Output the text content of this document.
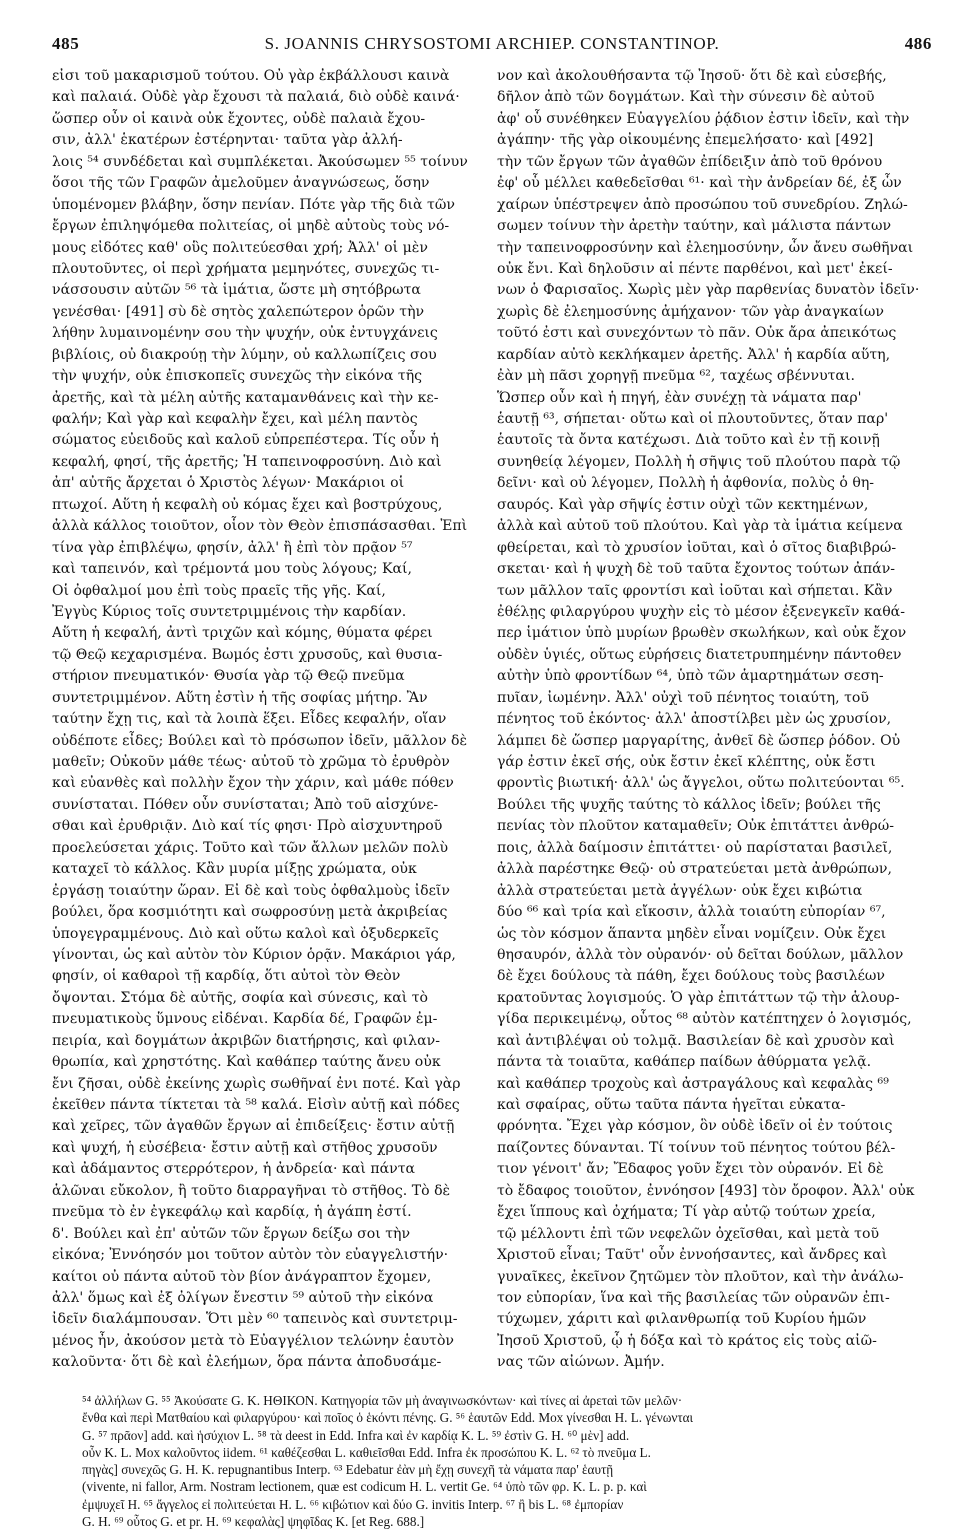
485	S. JOANNIS CHRYSOSTOMI ARCHIEP. CONSTANTINOP.	486
εἰσι τοῦ μακαρισμοῦ τούτου. Οὐ γὰρ ἐκβάλλουσι καινὰ
καὶ παλαιά. Οὐδὲ γὰρ ἔχουσι τὰ παλαιά, διὸ οὐδὲ καινά·
ὥσπερ οὖν οἱ καινὰ οὐκ ἔχοντες, οὐδὲ παλαιὰ ἔχου-
σιν, ἀλλ' ἑκατέρων ἐστέρηνται· ταῦτα γὰρ ἀλλή-
λοις ⁵⁴ συνδέδεται καὶ συμπλέκεται. Ἀκούσωμεν ⁵⁵ τοίνυν
ὅσοι τῆς τῶν Γραφῶν ἀμελοῦμεν ἀναγνώσεως, ὅσην
ὑπομένομεν βλάβην, ὅσην πενίαν. Πότε γὰρ τῆς διὰ τῶν
ἔργων ἐπιληψόμεθα πολιτείας, οἱ μηδὲ αὐτοὺς τοὺς νό-
μους εἰδότες καθ' οὓς πολιτεύεσθαι χρή; Ἀλλ' οἱ μὲν
πλουτοῦντες, οἱ περὶ χρήματα μεμηνότες, συνεχῶς τι-
νάσσουσιν αὐτῶν ⁵⁶ τὰ ἱμάτια, ὥστε μὴ σητόβρωτα
γενέσθαι· [491] σὺ δὲ σητὸς χαλεπώτερον ὁρῶν τὴν
λήθην λυμαινομένην σου τὴν ψυχήν, οὐκ ἐντυγχάνεις
βιβλίοις, οὐ διακρούῃ τὴν λύμην, οὐ καλλωπίζεις σου
τὴν ψυχήν, οὐκ ἐπισκοπεῖς συνεχῶς τὴν εἰκόνα τῆς
ἀρετῆς, καὶ τὰ μέλη αὐτῆς καταμανθάνεις καὶ τὴν κε-
φαλήν; Καὶ γὰρ καὶ κεφαλὴν ἔχει, καὶ μέλη παντὸς
σώματος εὐειδοῦς καὶ καλοῦ εὐπρεπέστερα. Τίς οὖν ἡ
κεφαλή, φησί, τῆς ἀρετῆς; Ἡ ταπεινοφροσύνη. Διὸ καὶ
ἀπ' αὐτῆς ἄρχεται ὁ Χριστὸς λέγων· Μακάριοι οἱ
πτωχοί. Αὕτη ἡ κεφαλὴ οὐ κόμας ἔχει καὶ βοστρύχους,
ἀλλὰ κάλλος τοιοῦτον, οἷον τὸν Θεὸν ἐπισπάσασθαι. Ἐπὶ
τίνα γὰρ ἐπιβλέψω, φησίν, ἀλλ' ἢ ἐπὶ τὸν πρᾷον ⁵⁷
καὶ ταπεινόν, καὶ τρέμοντά μου τοὺς λόγους; Καί,
Οἱ ὀφθαλμοί μου ἐπὶ τοὺς πραεῖς τῆς γῆς. Καί,
Ἐγγὺς Κύριος τοῖς συντετριμμένοις τὴν καρδίαν.
Αὕτη ἡ κεφαλή, ἀντὶ τριχῶν καὶ κόμης, θύματα φέρει
τῷ Θεῷ κεχαρισμένα. Βωμός ἐστι χρυσοῦς, καὶ θυσια-
στήριον πνευματικόν· Θυσία γὰρ τῷ Θεῷ πνεῦμα
συντετριμμένον. Αὕτη ἐστὶν ἡ τῆς σοφίας μήτηρ. Ἂν
ταύτην ἔχῃ τις, καὶ τὰ λοιπὰ ἕξει. Εἶδες κεφαλήν, οἵαν
οὐδέποτε εἶδες; Βούλει καὶ τὸ πρόσωπον ἰδεῖν, μᾶλλον δὲ
μαθεῖν; Οὐκοῦν μάθε τέως· αὐτοῦ τὸ χρῶμα τὸ ἐρυθρὸν
καὶ εὐανθὲς καὶ πολλὴν ἔχον τὴν χάριν, καὶ μάθε πόθεν
συνίσταται. Πόθεν οὖν συνίσταται; Ἀπὸ τοῦ αἰσχύνε-
σθαι καὶ ἐρυθριᾷν. Διὸ καί τίς φησι· Πρὸ αἰσχυντηροῦ
προελεύσεται χάρις. Τοῦτο καὶ τῶν ἄλλων μελῶν πολὺ
καταχεῖ τὸ κάλλος. Κἂν μυρία μίξῃς χρώματα, οὐκ
ἐργάσῃ τοιαύτην ὥραν. Εἰ δὲ καὶ τοὺς ὀφθαλμοὺς ἰδεῖν
βούλει, ὅρα κοσμιότητι καὶ σωφροσύνῃ μετὰ ἀκριβείας
ὑπογεγραμμένους. Διὸ καὶ οὕτω καλοὶ καὶ ὀξυδερκεῖς
γίνονται, ὡς καὶ αὐτὸν τὸν Κύριον ὁρᾷν. Μακάριοι γάρ,
φησίν, οἱ καθαροὶ τῇ καρδίᾳ, ὅτι αὐτοὶ τὸν Θεὸν
ὄψονται. Στόμα δὲ αὐτῆς, σοφία καὶ σύνεσις, καὶ τὸ
πνευματικοὺς ὕμνους εἰδέναι. Καρδία δέ, Γραφῶν ἐμ-
πειρία, καὶ δογμάτων ἀκριβῶν διατήρησις, καὶ φιλαν-
θρωπία, καὶ χρηστότης. Καὶ καθάπερ ταύτης ἄνευ οὐκ
ἔνι ζῆσαι, οὐδὲ ἐκείνης χωρὶς σωθῆναί ἐνι ποτέ. Καὶ γὰρ
ἐκεῖθεν πάντα τίκτεται τὰ ⁵⁸ καλά. Εἰσὶν αὐτῇ καὶ πόδες
καὶ χεῖρες, τῶν ἀγαθῶν ἔργων αἱ ἐπιδείξεις· ἔστιν αὐτῇ
καὶ ψυχή, ἡ εὐσέβεια· ἔστιν αὐτῇ καὶ στῆθος χρυσοῦν
καὶ ἀδάμαντος στερρότερον, ἡ ἀνδρεία· καὶ πάντα
ἁλῶναι εὔκολον, ἢ τοῦτο διαρραγῆναι τὸ στῆθος. Τὸ δὲ
πνεῦμα τὸ ἐν ἐγκεφάλῳ καὶ καρδίᾳ, ἡ ἀγάπη ἐστί.
δ'. Βούλει καὶ ἐπ' αὐτῶν τῶν ἔργων δείξω σοι τὴν
εἰκόνα; Ἐννόησόν μοι τοῦτον αὐτὸν τὸν εὐαγγελιστήν·
καίτοι οὐ πάντα αὐτοῦ τὸν βίον ἀνάγραπτον ἔχομεν,
ἀλλ' ὅμως καὶ ἐξ ὀλίγων ἔνεστιν ⁵⁹ αὐτοῦ τὴν εἰκόνα
ἰδεῖν διαλάμπουσαν. Ὅτι μὲν ⁶⁰ ταπεινὸς καὶ συντετριμ-
μένος ἦν, ἀκούσον μετὰ τὸ Εὐαγγέλιον τελώνην ἑαυτὸν
καλοῦντα· ὅτι δὲ καὶ ἐλεήμων, ὅρα πάντα ἀποδυσάμε-
νον καὶ ἀκολουθήσαντα τῷ Ἰησοῦ· ὅτι δὲ καὶ εὐσεβής,
δῆλον ἀπὸ τῶν δογμάτων. Καὶ τὴν σύνεσιν δὲ αὐτοῦ
ἀφ' οὗ συνέθηκεν Εὐαγγελίου ῥᾴδιον ἐστιν ἰδεῖν, καὶ τὴν
ἀγάπην· τῆς γὰρ οἰκουμένης ἐπεμελήσατο· καὶ [492]
τὴν τῶν ἔργων τῶν ἀγαθῶν ἐπίδειξιν ἀπὸ τοῦ θρόνου
ἐφ' οὗ μέλλει καθεδεῖσθαι ⁶¹· καὶ τὴν ἀνδρείαν δέ, ἐξ ὧν
χαίρων ὑπέστρεψεν ἀπὸ προσώπου τοῦ συνεδρίου. Ζηλώ-
σωμεν τοίνυν τὴν ἀρετὴν ταύτην, καὶ μάλιστα πάντων
τὴν ταπεινοφροσύνην καὶ ἐλεημοσύνην, ὧν ἄνευ σωθῆναι
οὐκ ἔνι. Καὶ δηλοῦσιν αἱ πέντε παρθένοι, καὶ μετ' ἐκεί-
νων ὁ Φαρισαῖος. Χωρὶς μὲν γὰρ παρθενίας δυνατὸν ἰδεῖν·
χωρὶς δὲ ἐλεημοσύνης ἀμήχανον· τῶν γὰρ ἀναγκαίων
τοῦτό ἐστι καὶ συνεχόντων τὸ πᾶν. Οὐκ ἄρα ἀπεικότως
καρδίαν αὐτὸ κεκλήκαμεν ἀρετῆς. Ἀλλ' ἡ καρδία αὕτη,
ἐὰν μὴ πᾶσι χορηγῇ πνεῦμα ⁶², ταχέως σβέννυται.
Ὥσπερ οὖν καὶ ἡ πηγή, ἐὰν συνέχῃ τὰ νάματα παρ'
ἑαυτῇ ⁶³, σήπεται· οὕτω καὶ οἱ πλουτοῦντες, ὅταν παρ'
ἑαυτοῖς τὰ ὄντα κατέχωσι. Διὰ τοῦτο καὶ ἐν τῇ κοινῇ
συνηθείᾳ λέγομεν, Πολλὴ ἡ σῆψις τοῦ πλούτου παρὰ τῷ
δεῖνι· καὶ οὐ λέγομεν, Πολλὴ ἡ ἀφθονία, πολὺς ὁ θη-
σαυρός. Καὶ γὰρ σῆψίς ἐστιν οὐχὶ τῶν κεκτημένων,
ἀλλὰ καὶ αὐτοῦ τοῦ πλούτου. Καὶ γὰρ τὰ ἱμάτια κείμενα
φθείρεται, καὶ τὸ χρυσίον ἰοῦται, καὶ ὁ σῖτος διαβιβρώ-
σκεται· καὶ ἡ ψυχὴ δὲ τοῦ ταῦτα ἔχοντος τούτων ἀπάν-
των μᾶλλον ταῖς φροντίσι καὶ ἰοῦται καὶ σήπεται. Κἂν
ἐθέλῃς φιλαργύρου ψυχὴν εἰς τὸ μέσον ἐξενεγκεῖν καθά-
περ ἱμάτιον ὑπὸ μυρίων βρωθὲν σκωλήκων, καὶ οὐκ ἔχον
οὐδὲν ὑγιές, οὕτως εὑρήσεις διατετρυπημένην πάντοθεν
αὐτὴν ὑπὸ φροντίδων ⁶⁴, ὑπὸ τῶν ἁμαρτημάτων σεση-
πυῖαν, ἰωμένην. Ἀλλ' οὐχὶ τοῦ πένητος τοιαύτη, τοῦ
πένητος τοῦ ἑκόντος· ἀλλ' ἀποστίλβει μὲν ὡς χρυσίον,
λάμπει δὲ ὥσπερ μαργαρίτης, ἀνθεῖ δὲ ὥσπερ ῥόδον. Οὐ
γάρ ἐστιν ἐκεῖ σής, οὐκ ἔστιν ἐκεῖ κλέπτης, οὐκ ἔστι
φροντὶς βιωτική· ἀλλ' ὡς ἄγγελοι, οὕτω πολιτεύονται ⁶⁵.
Βούλει τῆς ψυχῆς ταύτης τὸ κάλλος ἰδεῖν; βούλει τῆς
πενίας τὸν πλοῦτον καταμαθεῖν; Οὐκ ἐπιτάττει ἀνθρώ-
ποις, ἀλλὰ δαίμοσιν ἐπιτάττει· οὐ παρίσταται βασιλεῖ,
ἀλλὰ παρέστηκε Θεῷ· οὐ στρατεύεται μετὰ ἀνθρώπων,
ἀλλὰ στρατεύεται μετὰ ἀγγέλων· οὐκ ἔχει κιβώτια
δύο ⁶⁶ καὶ τρία καὶ εἴκοσιν, ἀλλὰ τοιαύτη εὐπορίαν ⁶⁷,
ὡς τὸν κόσμον ἅπαντα μηδὲν εἶναι νομίζειν. Οὐκ ἔχει
θησαυρόν, ἀλλὰ τὸν οὐρανόν· οὐ δεῖται δούλων, μᾶλλον
δὲ ἔχει δούλους τὰ πάθη, ἔχει δούλους τοὺς βασιλέων
κρατοῦντας λογισμούς. Ὁ γὰρ ἐπιτάττων τῷ τὴν ἁλουρ-
γίδα περικειμένῳ, οὗτος ⁶⁸ αὐτὸν κατέπτηχεν ὁ λογισμός,
καὶ ἀντιβλέψαι οὐ τολμᾷ. Βασιλείαν δὲ καὶ χρυσὸν καὶ
πάντα τὰ τοιαῦτα, καθάπερ παίδων ἀθύρματα γελᾷ.
καὶ καθάπερ τροχοὺς καὶ ἀστραγάλους καὶ κεφαλὰς ⁶⁹
καὶ σφαίρας, οὕτω ταῦτα πάντα ἡγεῖται εὐκατα-
φρόνητα. Ἔχει γὰρ κόσμον, ὃν οὐδὲ ἰδεῖν οἱ ἐν τούτοις
παίζοντες δύνανται. Τί τοίνυν τοῦ πένητος τούτου βέλ-
τιον γένοιτ' ἄν; Ἔδαφος γοῦν ἔχει τὸν οὐρανόν. Εἰ δὲ
τὸ ἔδαφος τοιοῦτον, ἐννόησον [493] τὸν ὄροφον. Ἀλλ' οὐκ
ἔχει ἵππους καὶ ὀχήματα; Τί γὰρ αὐτῷ τούτων χρεία,
τῷ μέλλοντι ἐπὶ τῶν νεφελῶν ὀχεῖσθαι, καὶ μετὰ τοῦ
Χριστοῦ εἶναι; Ταῦτ' οὖν ἐννοήσαντες, καὶ ἄνδρες καὶ
γυναῖκες, ἐκεῖνον ζητῶμεν τὸν πλοῦτον, καὶ τὴν ἀνάλω-
τον εὐπορίαν, ἵνα καὶ τῆς βασιλείας τῶν οὐρανῶν ἐπι-
τύχωμεν, χάριτι καὶ φιλανθρωπίᾳ τοῦ Κυρίου ἡμῶν
Ἰησοῦ Χριστοῦ, ᾧ ἡ δόξα καὶ τὸ κράτος εἰς τοὺς αἰῶ-
νας τῶν αἰώνων. Ἀμήν.
⁵⁴ ἀλλήλων G. ⁵⁵ Ἀκούσατε G. K. ΗΘΙΚΟΝ. Κατηγορία τῶν μὴ ἀναγινωσκόντων· καὶ τίνες αἱ ἀρεταὶ τῶν μελῶν·
ἔνθα καὶ περὶ Ματθαίου καὶ φιλαργύρου· καὶ ποῖος ὁ ἑκόντι πένης. G. ⁵⁶ ἑαυτῶν Edd. Mox γίνεσθαι H. L. γένωνται
G. ⁵⁷ πρᾶον] add. καὶ ἡσύχιον L. ⁵⁸ τὰ deest in Edd. Infra καὶ ἐν καρδίᾳ K. L. ⁵⁹ ἐστὶν G. H. ⁶⁰ μὲν] add.
οὖν K. L. Mox καλοῦντος iidem. ⁶¹ καθέζεσθαι L. καθιεῖσθαι Edd. Infra ἐκ προσώπου K. L. ⁶² τὸ πνεῦμα L.
πηγὰς] συνεχῶς G. H. K. repugnantibus Interp. ⁶³ Edebatur ἐὰν μὴ ἔχῃ συνεχῆ τὰ νάματα παρ' ἑαυτῇ
(vivente, ni fallor, Arm. Nostram lectionem, quæ est codicum H. L. vertit Ge. ⁶⁴ ὑπὸ τῶν φρ. K. L. p. p. καὶ
ἐμψυχεῖ H. ⁶⁵ ἄγγελος εἰ πολιτεύεται H. L. ⁶⁶ κιβώτιον καὶ δύο G. invitis Interp. ⁶⁷ ἢ bis L. ⁶⁸ ἐμπορίαν
G. H. ⁶⁹ οὗτος G. et pr. H. ⁶⁹ κεφαλὰς] ψηφῖδας K. [et Reg. 688.]
